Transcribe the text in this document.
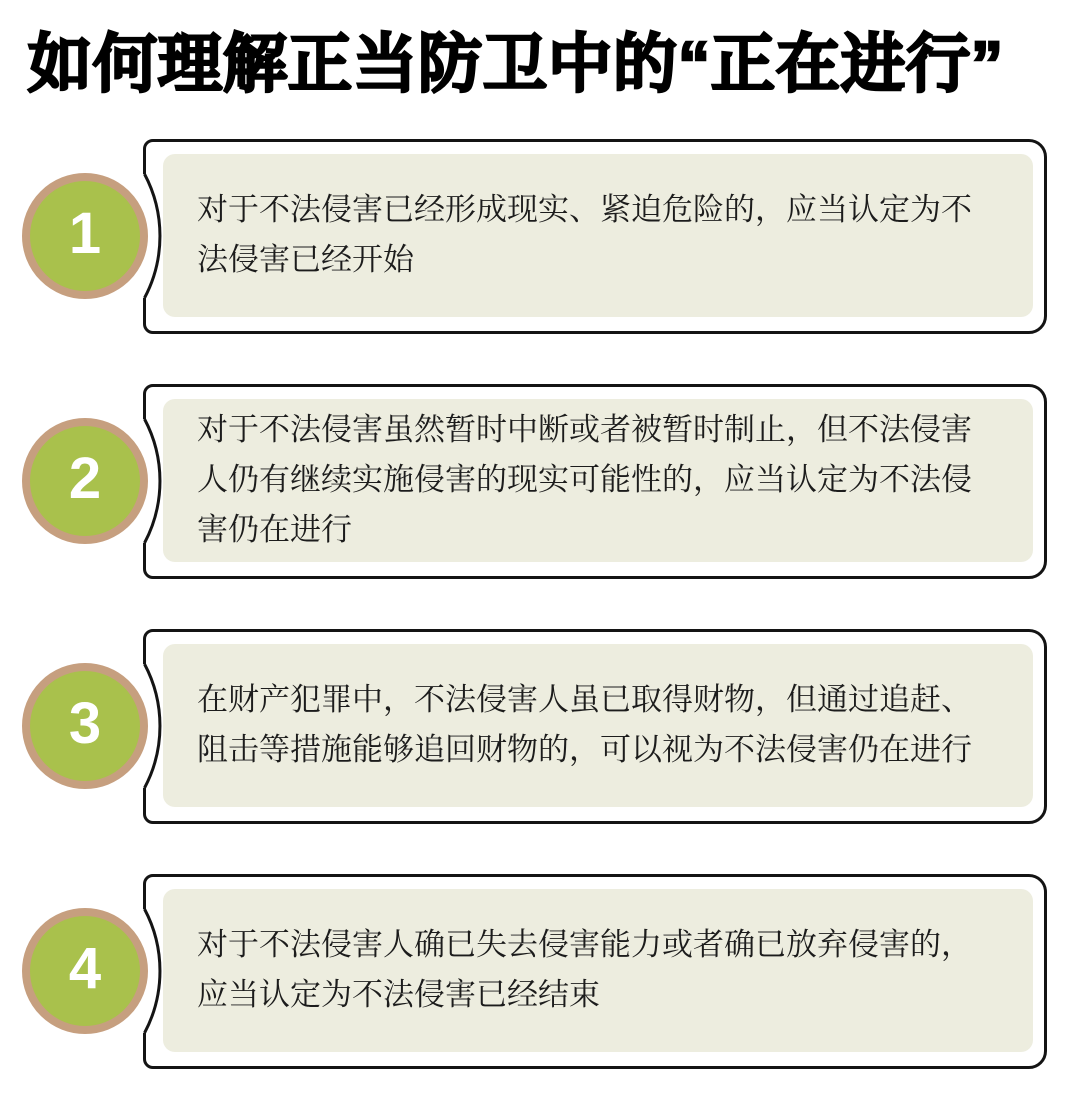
如何理解正当防卫中的“正在进行”

对于不法侵害已经形成现实、紧迫危险的，应当认定为不法侵害已经开始

1

对于不法侵害虽然暂时中断或者被暂时制止，但不法侵害人仍有继续实施侵害的现实可能性的，应当认定为不法侵害仍在进行

2

在财产犯罪中，不法侵害人虽已取得财物，但通过追赶、阻击等措施能够追回财物的，可以视为不法侵害仍在进行

3

对于不法侵害人确已失去侵害能力或者确已放弃侵害的，应当认定为不法侵害已经结束

4
